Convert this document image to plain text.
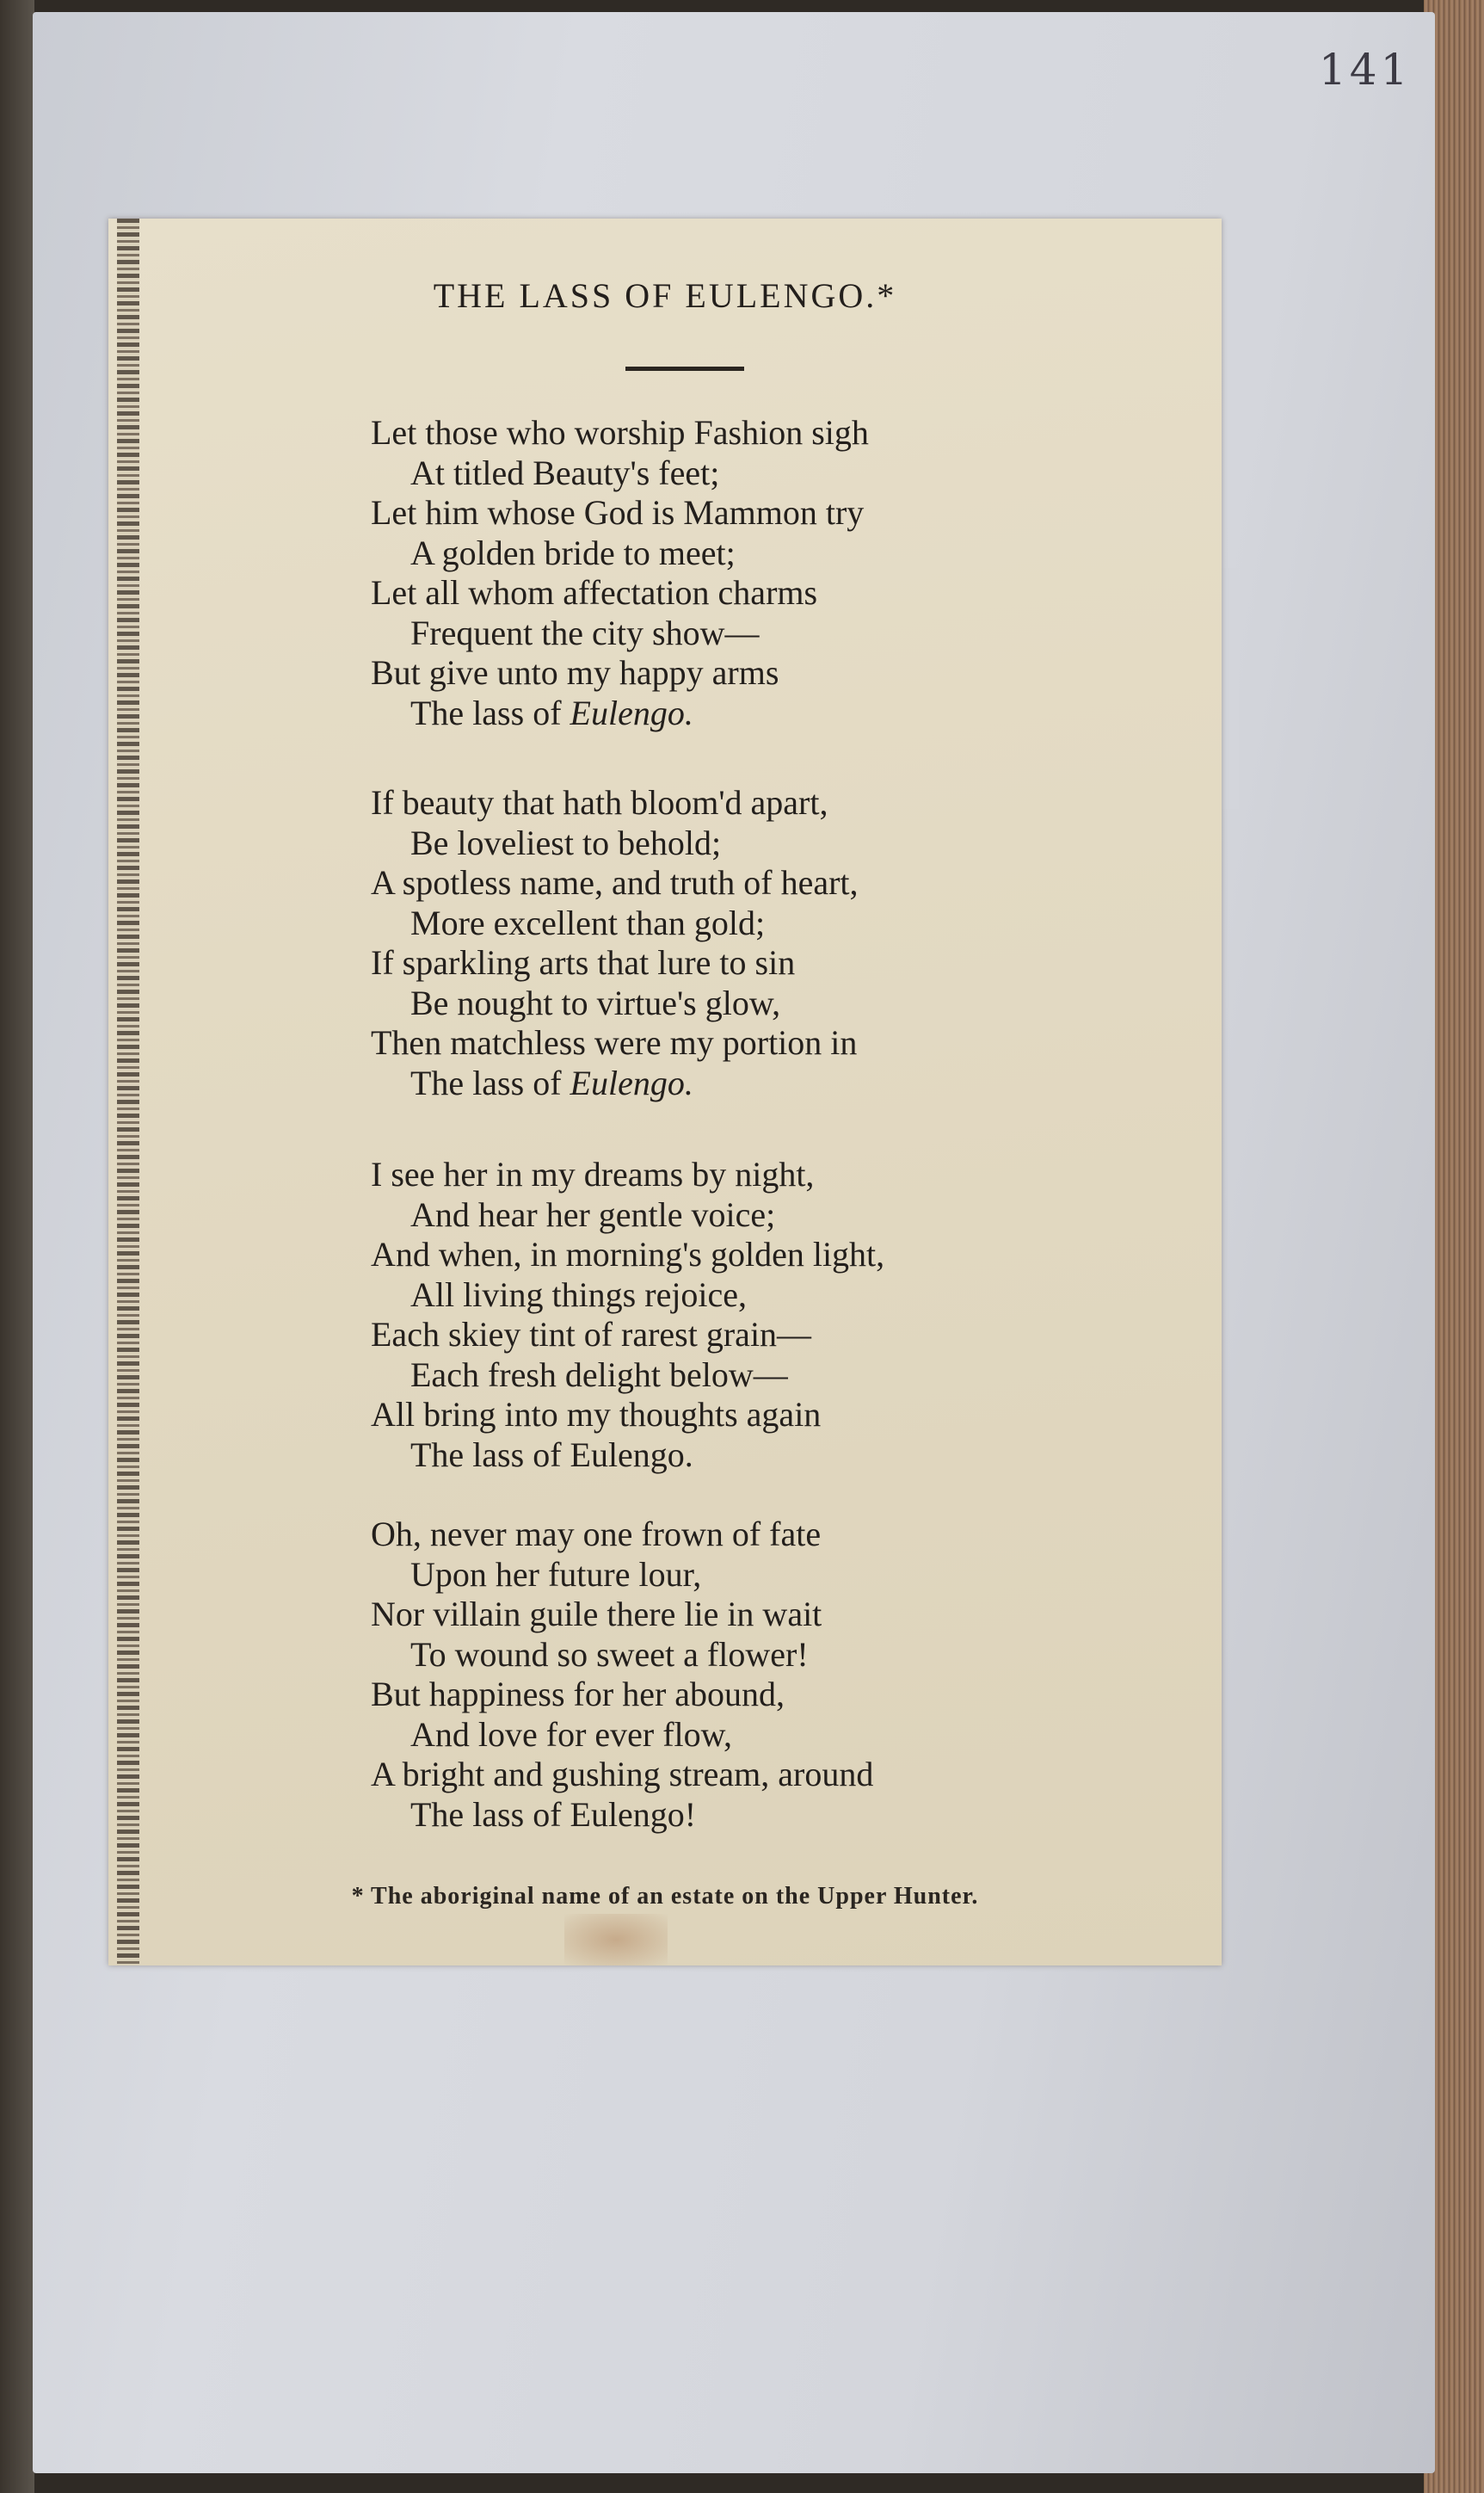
141
THE LASS OF EULENGO.*
Let those who worship Fashion sigh
At titled Beauty's feet;
Let him whose God is Mammon try
A golden bride to meet;
Let all whom affectation charms
Frequent the city show—
But give unto my happy arms
The lass of Eulengo.
If beauty that hath bloom'd apart,
Be loveliest to behold;
A spotless name, and truth of heart,
More excellent than gold;
If sparkling arts that lure to sin
Be nought to virtue's glow,
Then matchless were my portion in
The lass of Eulengo.
I see her in my dreams by night,
And hear her gentle voice;
And when, in morning's golden light,
All living things rejoice,
Each skiey tint of rarest grain—
Each fresh delight below—
All bring into my thoughts again
The lass of Eulengo.
Oh, never may one frown of fate
Upon her future lour,
Nor villain guile there lie in wait
To wound so sweet a flower!
But happiness for her abound,
And love for ever flow,
A bright and gushing stream, around
The lass of Eulengo!
* The aboriginal name of an estate on the Upper Hunter.
